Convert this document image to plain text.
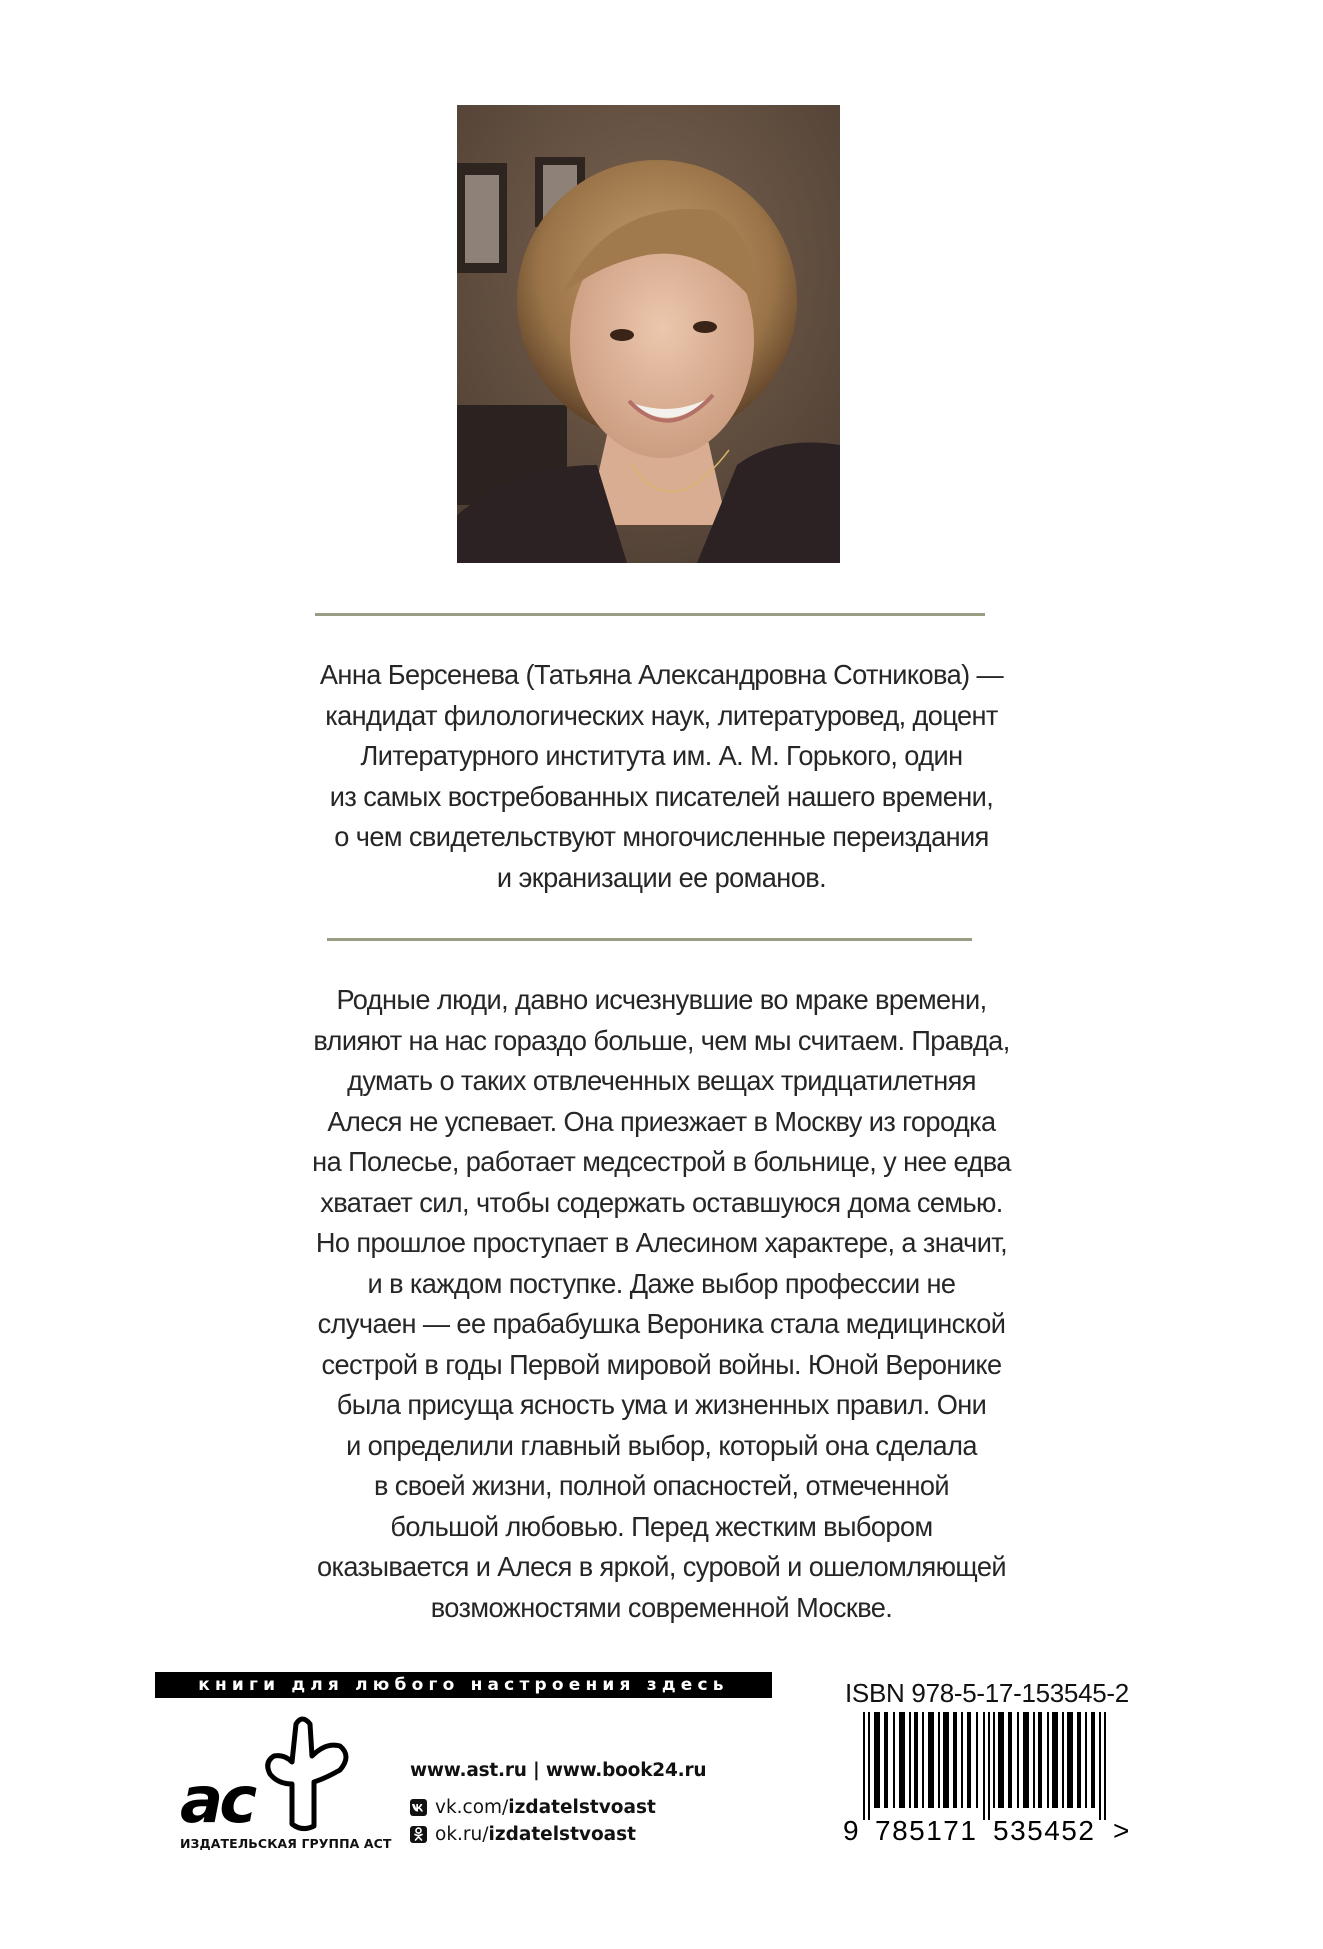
Анна Берсенева (Татьяна Александровна Сотникова) —
кандидат филологических наук, литературовед, доцент
Литературного института им. А. М. Горького, один
из самых востребованных писателей нашего времени,
о чем свидетельствуют многочисленные переиздания
и экранизации ее романов.
Родные люди, давно исчезнувшие во мраке времени,
влияют на нас гораздо больше, чем мы считаем. Правда,
думать о таких отвлеченных вещах тридцатилетняя
Алеся не успевает. Она приезжает в Москву из городка
на Полесье, работает медсестрой в больнице, у нее едва
хватает сил, чтобы содержать оставшуюся дома семью.
Но прошлое проступает в Алесином характере, а значит,
и в каждом поступке. Даже выбор профессии не
случаен — ее прабабушка Вероника стала медицинской
сестрой в годы Первой мировой войны. Юной Веронике
была присуща ясность ума и жизненных правил. Они
и определили главный выбор, который она сделала
в своей жизни, полной опасностей, отмеченной
большой любовью. Перед жестким выбором
оказывается и Алеся в яркой, суровой и ошеломляющей
возможностями современной Москве.
книги для любого настроения здесь
ac
ИЗДАТЕЛЬСКАЯ ГРУППА АСТ
www.ast.ru | www.book24.ru
vk.com/ izdatelstvoast
ok.ru/ izdatelstvoast
ISBN 978-5-17-153545-2
9 785171 535452 >
